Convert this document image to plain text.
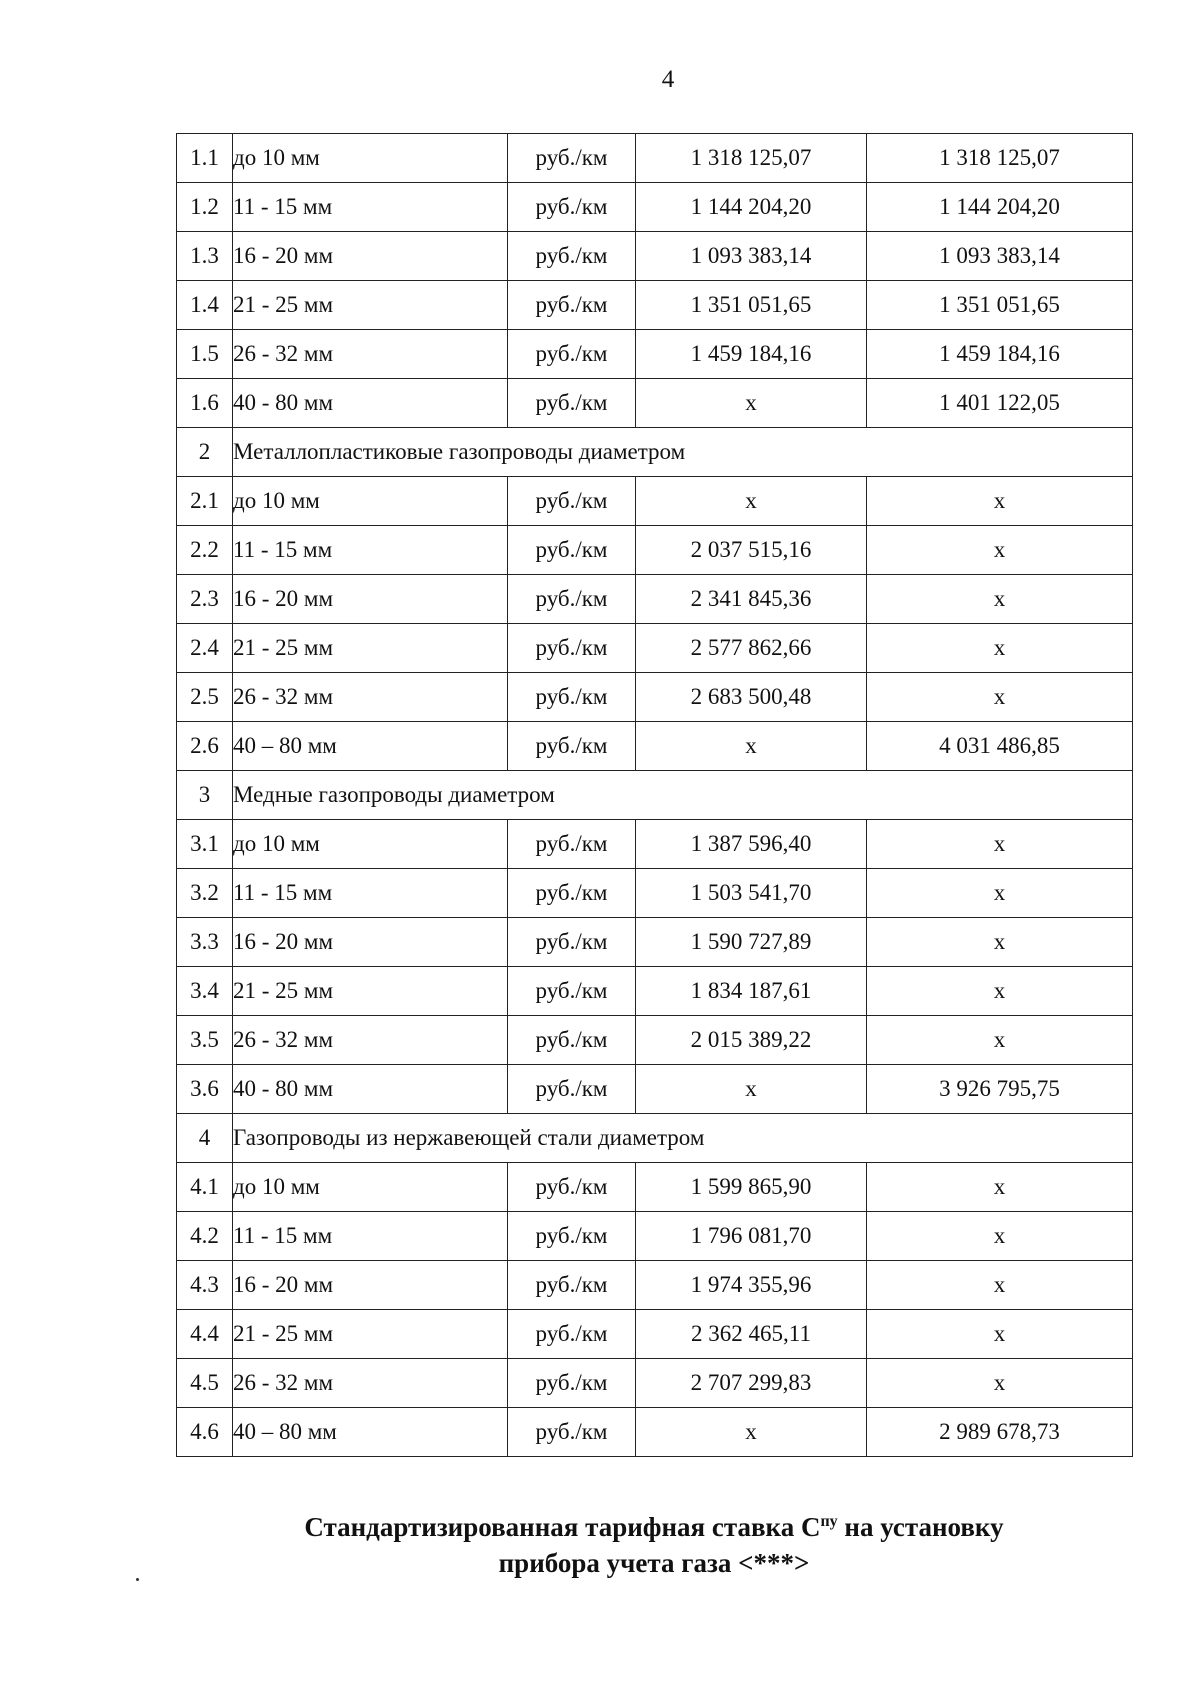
4
1.1	до 10 мм	руб./км	1 318 125,07	1 318 125,07
1.2	11 - 15 мм	руб./км	1 144 204,20	1 144 204,20
1.3	16 - 20 мм	руб./км	1 093 383,14	1 093 383,14
1.4	21 - 25 мм	руб./км	1 351 051,65	1 351 051,65
1.5	26 - 32 мм	руб./км	1 459 184,16	1 459 184,16
1.6	40 - 80 мм	руб./км	х	1 401 122,05
2	Металлопластиковые газопроводы диаметром			
2.1	до 10 мм	руб./км	х	х
2.2	11 - 15 мм	руб./км	2 037 515,16	х
2.3	16 - 20 мм	руб./км	2 341 845,36	х
2.4	21 - 25 мм	руб./км	2 577 862,66	х
2.5	26 - 32 мм	руб./км	2 683 500,48	х
2.6	40 – 80 мм	руб./км	х	4 031 486,85
3	Медные газопроводы диаметром			
3.1	до 10 мм	руб./км	1 387 596,40	х
3.2	11 - 15 мм	руб./км	1 503 541,70	х
3.3	16 - 20 мм	руб./км	1 590 727,89	х
3.4	21 - 25 мм	руб./км	1 834 187,61	х
3.5	26 - 32 мм	руб./км	2 015 389,22	х
3.6	40 - 80 мм	руб./км	х	3 926 795,75
4	Газопроводы из нержавеющей стали диаметром			
4.1	до 10 мм	руб./км	1 599 865,90	х
4.2	11 - 15 мм	руб./км	1 796 081,70	х
4.3	16 - 20 мм	руб./км	1 974 355,96	х
4.4	21 - 25 мм	руб./км	2 362 465,11	х
4.5	26 - 32 мм	руб./км	2 707 299,83	х
4.6	40 – 80 мм	руб./км	х	2 989 678,73
Стандартизированная тарифная ставка $C^{пу}$ на установку
прибора учета газа <***>
